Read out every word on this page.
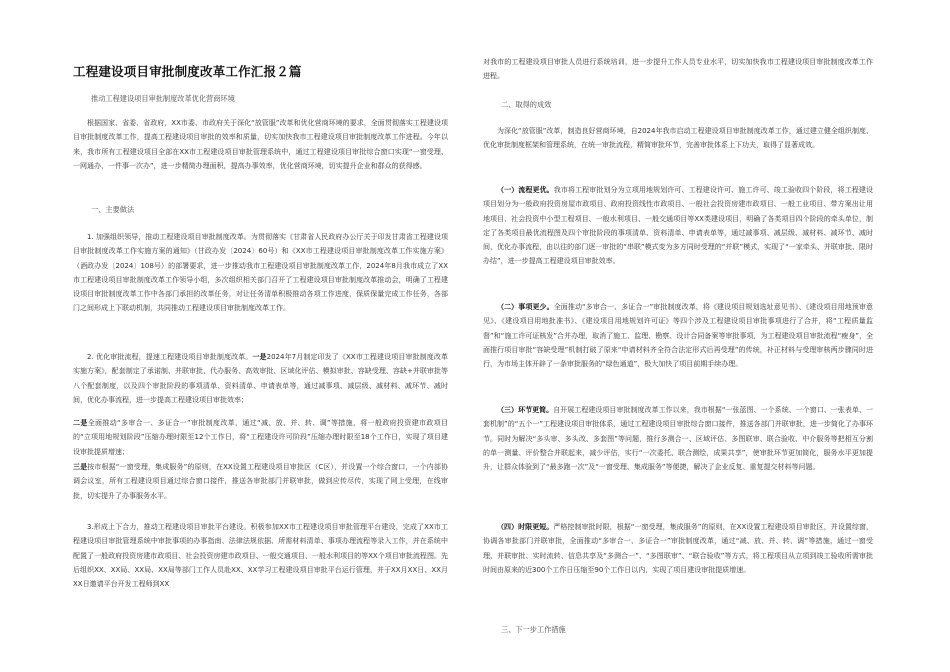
工程建设项目审批制度改革工作汇报２篇
推动工程建设项目审批制度改革优化营商环境
根据国家、省委、省政府，XX市委、市政府关于深化“放管服”改革和优化营商环境的要求，全面贯彻落实工程建设项目审批制度改革工作，提高工程建设项目审批的效率和质量，切实加快我市工程建设项目审批制度改革工作进程。今年以来，我市所有工程建设项目全部在XX市工程建设项目审批管理系统中，通过工程建设项目审批综合窗口实现“一窗受理、一网通办、一件事一次办”，进一步精简办理面积，提高办事效率，优化营商环境，切实提升企业和群众的获得感。
一、主要做法
1. 加强组织领导，推动工程建设项目审批制度改革。为贯彻落实《甘肃省人民政府办公厅关于印发甘肃省工程建设项目审批制度改革工作实施方案的通知》（甘政办发〔2024〕60号）和《XX市工程建设项目审批制度改革工作实施方案》（酒政办发〔2024〕108号）的部署要求，进一步推动我市工程建设项目审批制度改革工作，2024年8月我市成立了XX市工程建设项目审批制度改革工作领导小组，多次组织相关部门召开了工程建设项目审批制度改革推动会，明确了工程建设项目审批制度改革工作中各部门承担的改革任务，对让任务清单积极推动各项工作进度，保质保量完成工作任务，各部门之间形成上下联动机制，共同推动工程建设项目审批制度改革工作。
2. 优化审批流程，提速工程建设项目审批制度改革。一是2024年7月制定印发了《XX市工程建设项目审批制度改革实施方案》，配套制定了承诺制、并联审批、代办服务、高效审批、区域化评估、模拟审批、容缺受理、容缺+并联审批等八个配套制度，以及四个审批阶段的事项清单、资料清单、申请表单等，通过减事项、减层级、减材料、减环节、减时间，优化办事流程，进一步提高工程建设项目审批效率；
二是全面推动“多审合一、多证合一”审批制度改革，通过“减、放、并、转、调”等措施，将一般政府投资建市政项目的“立项用地规划阶段”压缩办理时限至12个工作日，将“工程建设许可阶段”压缩办理时限至18个工作日，实现了项目建设审批提质增速；
三是按市根据“一窗受理，集成服务”的原则，在XX设置工程建设项目审批区（C区），并设置一个综合窗口，一个内部协调会议室，所有工程建设项目通过综合窗口接件，推送各审批部门并联审批，做到应传尽传，实现了网上受理，在线审批，切实提升了办事服务水平。
3.形成上下合力，推动工程建设项目审批平台建设。积极参加XX市工程建设项目审批管理平台建设，完成了XX市工程建设项目审批管理系统中审批事项的办事指南、法律法规依据、所需材料清单、事项办理流程等录入工作，并在系统中配置了一般政府投资房建市政项目、社会投资房建市政项目、一般交通项目、一般水利项目的等XX个项目审批流程图。先后组织XX、XX局、XX局、XX局等部门工作人员赴XX、XX学习工程建设项目审批平台运行管理，并于XX月XX日、XX月XX日邀请平台开发工程师到XX
对我市的工程建设项目审批人员进行系统培训，进一步提升工作人员专业水平，切实加快我市工程建设项目审批制度改革工作进程。
二、取得的成效
为深化“放管服”改革，制造良好营商环境，自2024年我市启动工程建设项目审批制度改革工作，通过建立健全组织制度、优化审批制度框架和管理系统，在统一审批流程，精简审批环节，完善审批体系上下功夫，取得了显著成效。
（一）流程更优。我市将工程审批划分为立项用地规划许可、工程建设许可、施工许可、竣工验收四个阶段，将工程建设项目划分为一般政府投资房屋市政项目、政府投资线性市政项目、一般社会投资房建市政项目、一般工业项目、带方案出让用地项目、社会投资中小型工程项目、一般水利项目、一般交通项目等XX类建设项目，明确了各类项目四个阶段的牵头单位，制定了各类项目最优流程图及四个审批阶段的事项清单、资料清单、申请表单等，通过减事项、减层级、减材料、减环节、减时间，优化办事流程，由以往的部门逐一审批的“串联”模式变为多方同时受理的“并联”模式，实现了“一家牵头、并联审批、限时办结”，进一步提高工程建设项目审批效率。
（二）事项更少。全面推动“多审合一、多证合一”审批制度改革，将《建设项目规划选址意见书》、《建设项目用地预审意见》、《建设项目用地批准书》、《建设项目用地规划许可证》等四个涉及工程建设项目审批事项进行了合并，将“工程质量监督”和“施工许可证核发”合并办理，取消了施工、监理、勘察、设计合同备案等审批事项，为工程建设项目审批流程“瘦身”，全面推行项目审批“容缺受理”机制打破了原来“申请材料齐全符合法定形式后再受理”的传统，补正材料与受理审核两步骤同时进行，为市场主体开辟了一条审批服务的“绿色通道”，极大加快了项目前期手续办理。
（三）环节更简。自开展工程建设项目审批制度改革工作以来，我市根据“一张蓝图、一个系统、一个窗口、一张表单、一套机制”的“五个一”工程建设项目审批体系，通过工程建设项目审批综合窗口接件，推送各部门并联审批，进一步简化了办事环节。同时为解决“多头审、多头改、多套图”等问题，推行多测合一、区域评估、多图联审、联合验收、中介服务等把相互分割的单一测量、评价整合并联起来，减少评估，实行“一次委托、联合测绘，成果共享”，使审批环节更加简化，服务水平更加提升，让群众体验到了“最多跑一次”及“一窗受理、集成服务”等便捷，解决了企业反复、重复提交材料等问题。
（四）时限更短。严格控制审批时限，根据“一窗受理，集成服务”的原则，在XX设置工程建设项目审批区，并设置综窗，协调各审批部门并联审批，全面推动“多审合一、多证合一”审批制度改革，通过“减、放、并、转、调”等措施，通过一窗受理、并联审批、实时流转、信息共享及“多测合一”、“多图联审”、“联合验收”等方式，将工程项目从立项到竣工验收所需审批时间由原来的近300个工作日压缩至90个工作日以内，实现了项目建设审批提质增速。
三、下一步工作措施
